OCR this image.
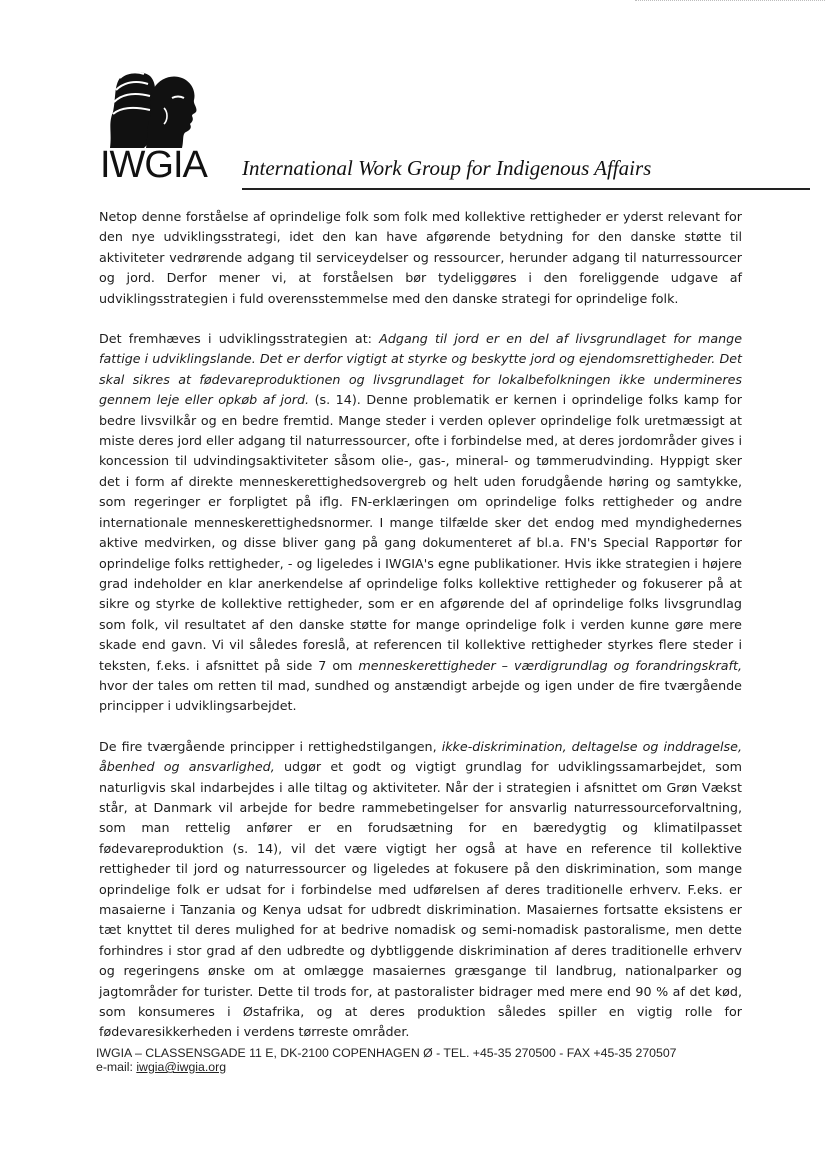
IWGIA International Work Group for Indigenous Affairs

Netop denne forståelse af oprindelige folk som folk med kollektive rettigheder er yderst relevant for den nye udviklingsstrategi, idet den kan have afgørende betydning for den danske støtte til aktiviteter vedrørende adgang til serviceydelser og ressourcer, herunder adgang til naturressourcer og jord. Derfor mener vi, at forståelsen bør tydeliggøres i den foreliggende udgave af udviklingsstrategien i fuld overensstemmelse med den danske strategi for oprindelige folk.

Det fremhæves i udviklingsstrategien at: Adgang til jord er en del af livsgrundlaget for mange fattige i udviklingslande. Det er derfor vigtigt at styrke og beskytte jord og ejendomsrettigheder. Det skal sikres at fødevareproduktionen og livsgrundlaget for lokalbefolkningen ikke undermineres gennem leje eller opkøb af jord. (s. 14). Denne problematik er kernen i oprindelige folks kamp for bedre livsvilkår og en bedre fremtid. Mange steder i verden oplever oprindelige folk uretmæssigt at miste deres jord eller adgang til naturressourcer, ofte i forbindelse med, at deres jordområder gives i koncession til udvindingsaktiviteter såsom olie-, gas-, mineral- og tømmerudvinding. Hyppigt sker det i form af direkte menneskerettighedsovergreb og helt uden forudgående høring og samtykke, som regeringer er forpligtet på iflg. FN-erklæringen om oprindelige folks rettigheder og andre internationale menneskerettighedsnormer. I mange tilfælde sker det endog med myndighedernes aktive medvirken, og disse bliver gang på gang dokumenteret af bl.a. FN's Special Rapportør for oprindelige folks rettigheder, - og ligeledes i IWGIA's egne publikationer. Hvis ikke strategien i højere grad indeholder en klar anerkendelse af oprindelige folks kollektive rettigheder og fokuserer på at sikre og styrke de kollektive rettigheder, som er en afgørende del af oprindelige folks livsgrundlag som folk, vil resultatet af den danske støtte for mange oprindelige folk i verden kunne gøre mere skade end gavn. Vi vil således foreslå, at referencen til kollektive rettigheder styrkes flere steder i teksten, f.eks. i afsnittet på side 7 om menneskerettigheder – værdigrundlag og forandringskraft, hvor der tales om retten til mad, sundhed og anstændigt arbejde og igen under de fire tværgående principper i udviklingsarbejdet.

De fire tværgående principper i rettighedstilgangen, ikke-diskrimination, deltagelse og inddragelse, åbenhed og ansvarlighed, udgør et godt og vigtigt grundlag for udviklingssamarbejdet, som naturligvis skal indarbejdes i alle tiltag og aktiviteter. Når der i strategien i afsnittet om Grøn Vækst står, at Danmark vil arbejde for bedre rammebetingelser for ansvarlig naturressourceforvaltning, som man rettelig anfører er en forudsætning for en bæredygtig og klimatilpasset fødevareproduktion (s. 14), vil det være vigtigt her også at have en reference til kollektive rettigheder til jord og naturressourcer og ligeledes at fokusere på den diskrimination, som mange oprindelige folk er udsat for i forbindelse med udførelsen af deres traditionelle erhverv. F.eks. er masaierne i Tanzania og Kenya udsat for udbredt diskrimination. Masaiernes fortsatte eksistens er tæt knyttet til deres mulighed for at bedrive nomadisk og semi-nomadisk pastoralisme, men dette forhindres i stor grad af den udbredte og dybtliggende diskrimination af deres traditionelle erhverv og regeringens ønske om at omlægge masaiernes græsgange til landbrug, nationalparker og jagtområder for turister. Dette til trods for, at pastoralister bidrager med mere end 90 % af det kød, som konsumeres i Østafrika, og at deres produktion således spiller en vigtig rolle for fødevaresikkerheden i verdens tørreste områder.

IWGIA – CLASSENSGADE 11 E, DK-2100 COPENHAGEN Ø - TEL. +45-35 270500 - FAX +45-35 270507
e-mail: iwgia@iwgia.org
